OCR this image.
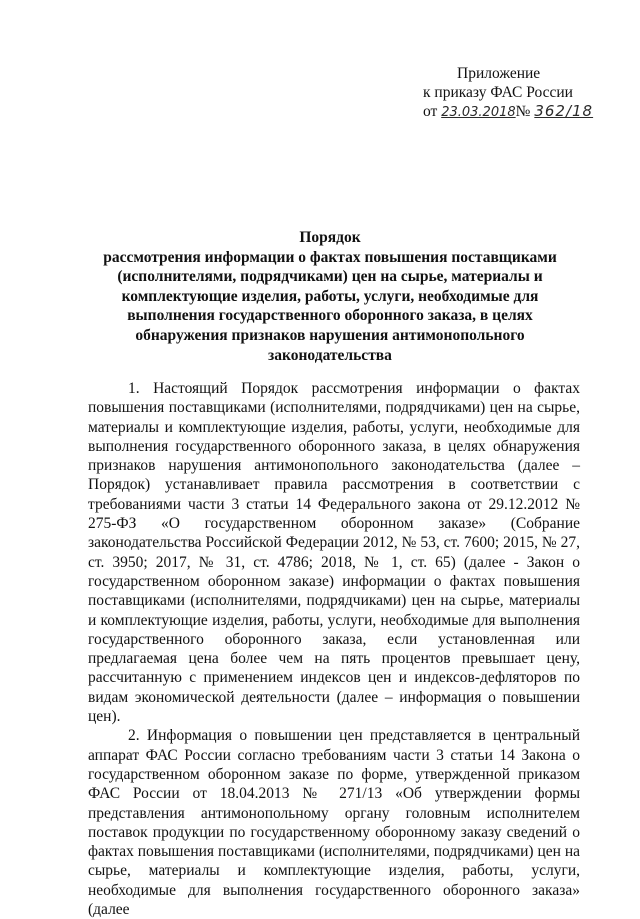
Приложение
к приказу ФАС России
от 23.03.2018№ 362/18
Порядок
рассмотрения информации о фактах повышения поставщиками (исполнителями, подрядчиками) цен на сырье, материалы и комплектующие изделия, работы, услуги, необходимые для выполнения государственного оборонного заказа, в целях обнаружения признаков нарушения антимонопольного законодательства

1. Настоящий Порядок рассмотрения информации о фактах повышения поставщиками (исполнителями, подрядчиками) цен на сырье, материалы и комплектующие изделия, работы, услуги, необходимые для выполнения государственного оборонного заказа, в целях обнаружения признаков нарушения антимонопольного законодательства (далее – Порядок) устанавливает правила рассмотрения в соответствии с требованиями части 3 статьи 14 Федерального закона от 29.12.2012 № 275-ФЗ «О государственном оборонном заказе» (Собрание законодательства Российской Федерации 2012, № 53, ст. 7600; 2015, № 27, ст. 3950; 2017, № 31, ст. 4786; 2018, № 1, ст. 65) (далее - Закон о государственном оборонном заказе) информации о фактах повышения поставщиками (исполнителями, подрядчиками) цен на сырье, материалы и комплектующие изделия, работы, услуги, необходимые для выполнения государственного оборонного заказа, если установленная или предлагаемая цена более чем на пять процентов превышает цену, рассчитанную с применением индексов цен и индексов-дефляторов по видам экономической деятельности (далее – информация о повышении цен).

2. Информация о повышении цен представляется в центральный аппарат ФАС России согласно требованиям части 3 статьи 14 Закона о государственном оборонном заказе по форме, утвержденной приказом ФАС России от 18.04.2013 № 271/13 «Об утверждении формы представления антимонопольному органу головным исполнителем поставок продукции по государственному оборонному заказу сведений о фактах повышения поставщиками (исполнителями, подрядчиками) цен на сырье, материалы и комплектующие изделия, работы, услуги, необходимые для выполнения государственного оборонного заказа» (далее
